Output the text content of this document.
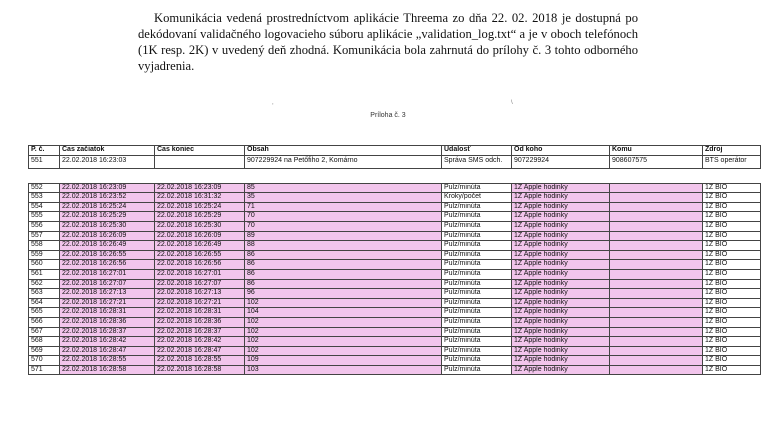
Komunikácia vedená prostredníctvom aplikácie Threema zo dňa 22. 02. 2018 je dostupná po dekódovaní validačného logovacieho súboru aplikácie „validation_log.txt“ a je v oboch telefónoch (1K resp. 2K) v uvedený deň zhodná. Komunikácia bola zahrnutá do prílohy č. 3 tohto odborného vyjadrenia.

,	\
Príloha č. 3
P. č.	Čas začiatok	Čas koniec	Obsah	Udalosť	Od koho	Komu	Zdroj
551	22.02.2018 16:23:03		907229924 na Petőfiho 2, Komárno	Správa SMS odch.	907229924	908607575	BTS operátor

552	22.02.2018 16:23:09	22.02.2018 16:23:09	85	Pulz/minúta	1Z Apple hodinky		1Z BIO
553	22.02.2018 16:23:52	22.02.2018 16:31:32	35	Kroky/počet	1Z Apple hodinky		1Z BIO
554	22.02.2018 16:25:24	22.02.2018 16:25:24	71	Pulz/minúta	1Z Apple hodinky		1Z BIO
555	22.02.2018 16:25:29	22.02.2018 16:25:29	70	Pulz/minúta	1Z Apple hodinky		1Z BIO
556	22.02.2018 16:25:30	22.02.2018 16:25:30	70	Pulz/minúta	1Z Apple hodinky		1Z BIO
557	22.02.2018 16:26:09	22.02.2018 16:26:09	89	Pulz/minúta	1Z Apple hodinky		1Z BIO
558	22.02.2018 16:26:49	22.02.2018 16:26:49	88	Pulz/minúta	1Z Apple hodinky		1Z BIO
559	22.02.2018 16:26:55	22.02.2018 16:26:55	86	Pulz/minúta	1Z Apple hodinky		1Z BIO
560	22.02.2018 16:26:56	22.02.2018 16:26:56	86	Pulz/minúta	1Z Apple hodinky		1Z BIO
561	22.02.2018 16:27:01	22.02.2018 16:27:01	86	Pulz/minúta	1Z Apple hodinky		1Z BIO
562	22.02.2018 16:27:07	22.02.2018 16:27:07	86	Pulz/minúta	1Z Apple hodinky		1Z BIO
563	22.02.2018 16:27:13	22.02.2018 16:27:13	96	Pulz/minúta	1Z Apple hodinky		1Z BIO
564	22.02.2018 16:27:21	22.02.2018 16:27:21	102	Pulz/minúta	1Z Apple hodinky		1Z BIO
565	22.02.2018 16:28:31	22.02.2018 16:28:31	104	Pulz/minúta	1Z Apple hodinky		1Z BIO
566	22.02.2018 16:28:36	22.02.2018 16:28:36	102	Pulz/minúta	1Z Apple hodinky		1Z BIO
567	22.02.2018 16:28:37	22.02.2018 16:28:37	102	Pulz/minúta	1Z Apple hodinky		1Z BIO
568	22.02.2018 16:28:42	22.02.2018 16:28:42	102	Pulz/minúta	1Z Apple hodinky		1Z BIO
569	22.02.2018 16:28:47	22.02.2018 16:28:47	102	Pulz/minúta	1Z Apple hodinky		1Z BIO
570	22.02.2018 16:28:55	22.02.2018 16:28:55	109	Pulz/minúta	1Z Apple hodinky		1Z BIO
571	22.02.2018 16:28:58	22.02.2018 16:28:58	103	Pulz/minúta	1Z Apple hodinky		1Z BIO
